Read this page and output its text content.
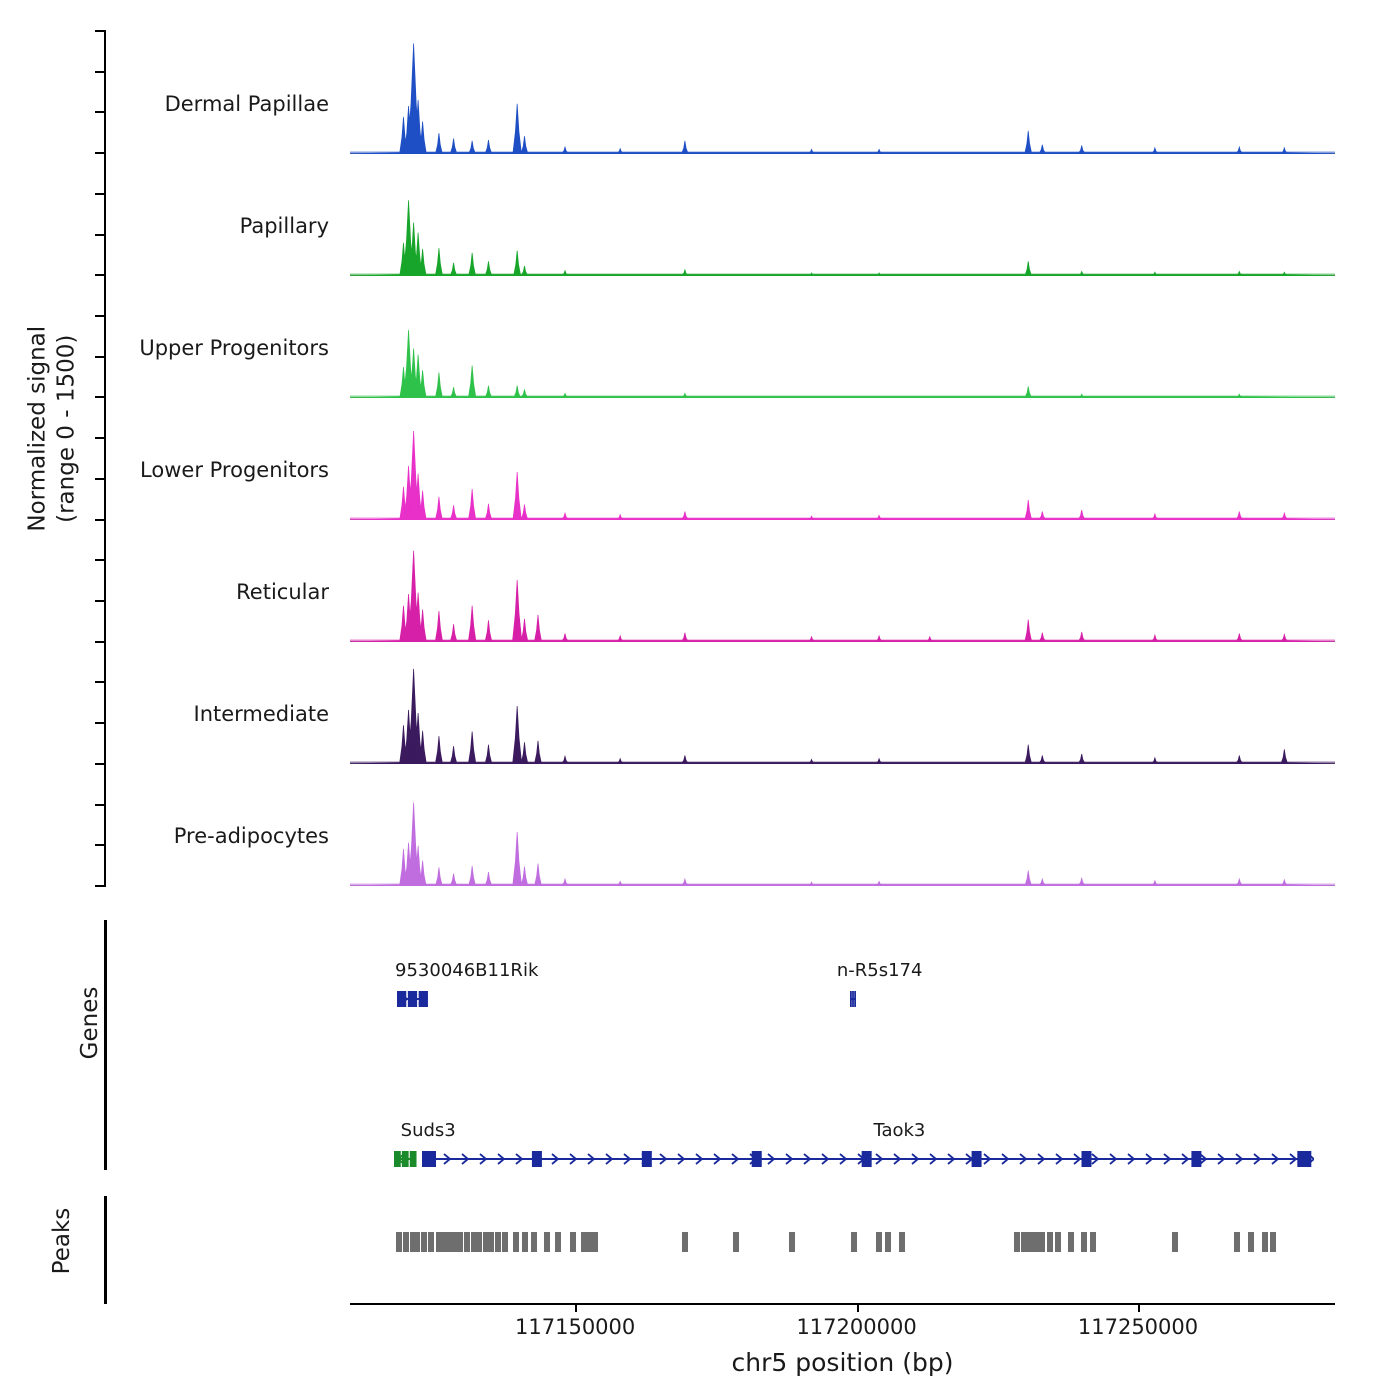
Normalized signal (range 0 - 1500)
Dermal Papillae
Papillary
Upper Progenitors
Lower Progenitors
Reticular
Intermediate
Pre-adipocytes
Genes
Peaks
117150000	117200000	117250000
chr5 position (bp)
9530046B11Rik	n-R5s174
Suds3	Taok3
